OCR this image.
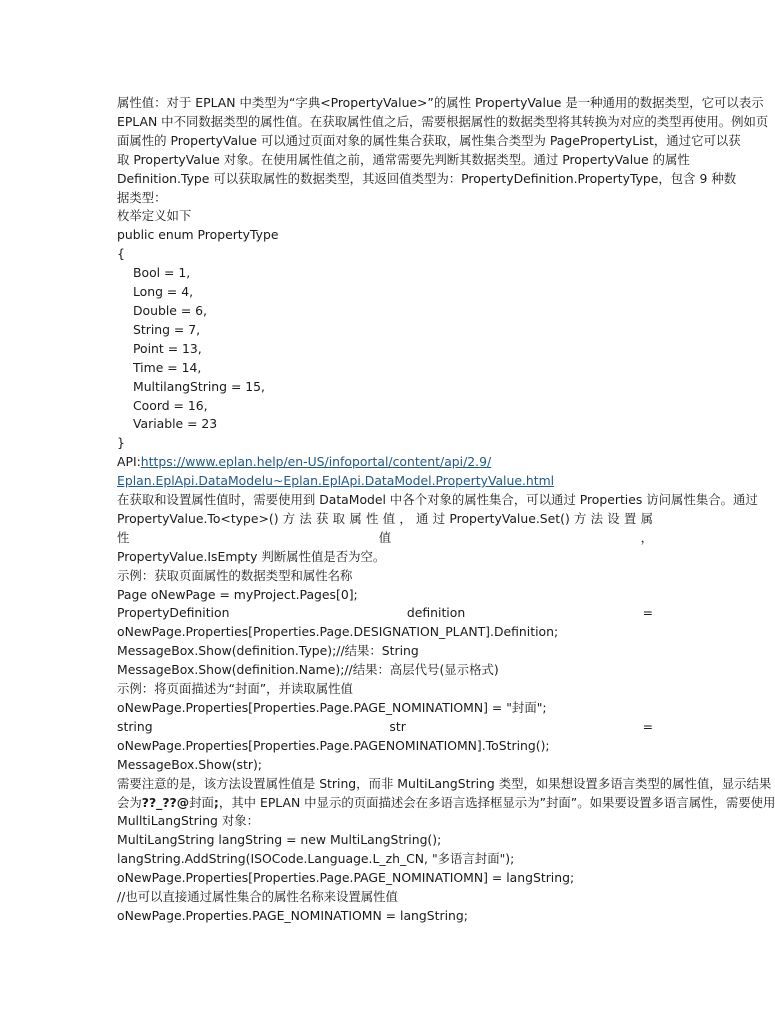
属性值：对于 EPLAN 中类型为“字典<PropertyValue>”的属性 PropertyValue 是一种通用的数据类型，它可以表示
EPLAN 中不同数据类型的属性值。在获取属性值之后，需要根据属性的数据类型将其转换为对应的类型再使用。例如页
面属性的 PropertyValue 可以通过页面对象的属性集合获取，属性集合类型为 PagePropertyList，通过它可以获
取 PropertyValue 对象。在使用属性值之前，通常需要先判断其数据类型。通过 PropertyValue 的属性
Definition.Type 可以获取属性的数据类型，其返回值类型为：PropertyDefinition.PropertyType，包含 9 种数
据类型：
枚举定义如下
public enum PropertyType
{
Bool = 1,
Long = 4,
Double = 6,
String = 7,
Point = 13,
Time = 14,
MultilangString = 15,
Coord = 16,
Variable = 23
}
API:https://www.eplan.help/en-US/infoportal/content/api/2.9/
Eplan.EplApi.DataModelu~Eplan.EplApi.DataModel.PropertyValue.html
在获取和设置属性值时，需要使用到 DataModel 中各个对象的属性集合，可以通过 Properties 访问属性集合。通过
PropertyValue.To<type>() 方 法 获 取 属 性 值 ， 通 过 PropertyValue.Set() 方 法 设 置 属 性 值 ，
PropertyValue.IsEmpty 判断属性值是否为空。
示例：获取页面属性的数据类型和属性名称
Page oNewPage = myProject.Pages[0];
PropertyDefinition definition =
oNewPage.Properties[Properties.Page.DESIGNATION_PLANT].Definition;
MessageBox.Show(definition.Type);//结果：String
MessageBox.Show(definition.Name);//结果：高层代号(显示格式)
示例：将页面描述为“封面”，并读取属性值
oNewPage.Properties[Properties.Page.PAGE_NOMINATIOMN] = "封面";
string str =
oNewPage.Properties[Properties.Page.PAGENOMINATIOMN].ToString();
MessageBox.Show(str);
需要注意的是，该方法设置属性值是 String，而非 MultiLangString 类型，如果想设置多语言类型的属性值，显示结果
会为??_??@封面;，其中 EPLAN 中显示的页面描述会在多语言选择框显示为”封面”。如果要设置多语言属性，需要使用
MulltiLangString 对象：
MultiLangString langString = new MultiLangString();
langString.AddString(ISOCode.Language.L_zh_CN, "多语言封面");
oNewPage.Properties[Properties.Page.PAGE_NOMINATIOMN] = langString;
//也可以直接通过属性集合的属性名称来设置属性值
oNewPage.Properties.PAGE_NOMINATIOMN = langString;
